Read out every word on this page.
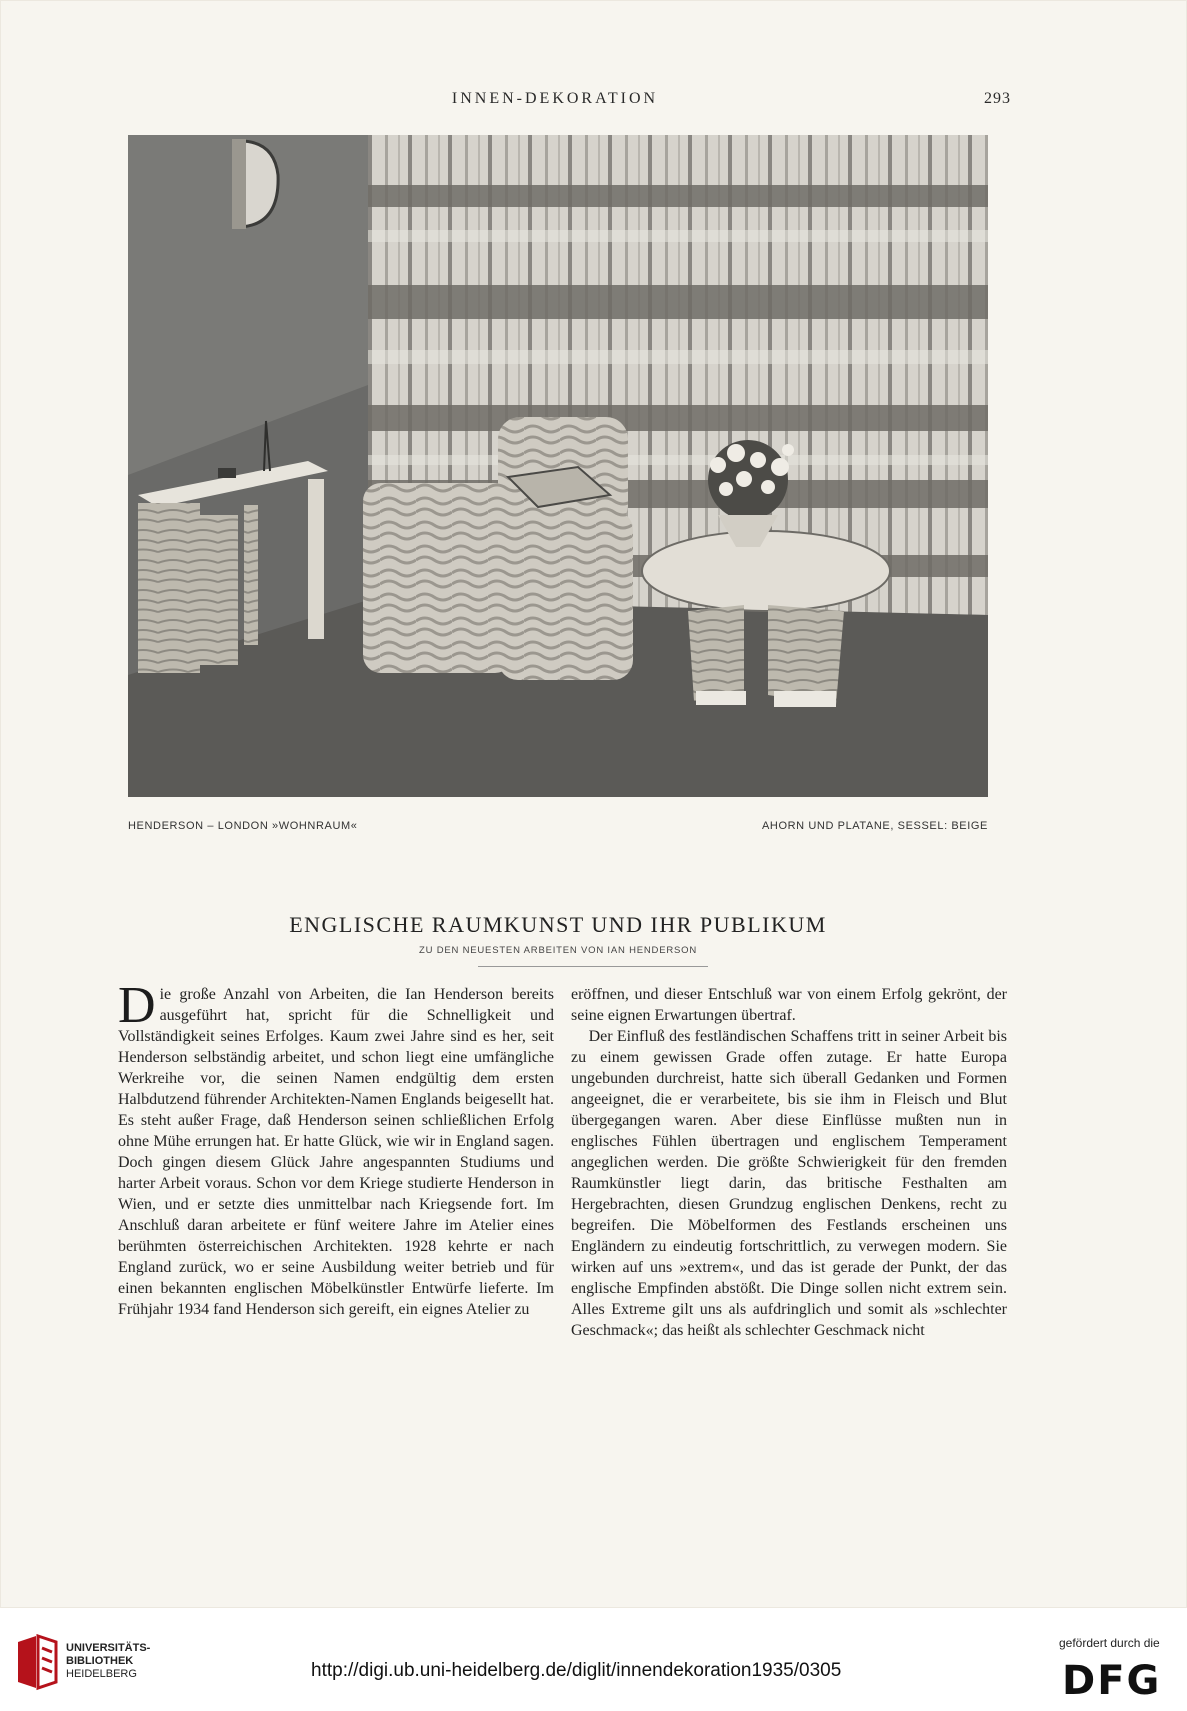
INNEN-DEKORATION	293
HENDERSON – LONDON »WOHNRAUM«	AHORN UND PLATANE, SESSEL: BEIGE
ENGLISCHE RAUMKUNST UND IHR PUBLIKUM
ZU DEN NEUESTEN ARBEITEN VON IAN HENDERSON

Die große Anzahl von Arbeiten, die Ian Henderson bereits ausgeführt hat, spricht für die Schnelligkeit und Vollständigkeit seines Erfolges. Kaum zwei Jahre sind es her, seit Henderson selbständig arbeitet, und schon liegt eine umfängliche Werkreihe vor, die seinen Namen endgültig dem ersten Halbdutzend führender Architekten-Namen Englands beigesellt hat. Es steht außer Frage, daß Henderson seinen schließlichen Erfolg ohne Mühe errungen hat. Er hatte Glück, wie wir in England sagen. Doch gingen diesem Glück Jahre angespannten Studiums und harter Arbeit voraus. Schon vor dem Kriege studierte Henderson in Wien, und er setzte dies unmittelbar nach Kriegsende fort. Im Anschluß daran arbeitete er fünf weitere Jahre im Atelier eines berühmten österreichischen Architekten. 1928 kehrte er nach England zurück, wo er seine Ausbildung weiter betrieb und für einen bekannten englischen Möbelkünstler Entwürfe lieferte. Im Frühjahr 1934 fand Henderson sich gereift, ein eignes Atelier zu

eröffnen, und dieser Entschluß war von einem Erfolg gekrönt, der seine eignen Erwartungen übertraf.

Der Einfluß des festländischen Schaffens tritt in seiner Arbeit bis zu einem gewissen Grade offen zutage. Er hatte Europa ungebunden durchreist, hatte sich überall Gedanken und Formen angeeignet, die er verarbeitete, bis sie ihm in Fleisch und Blut übergegangen waren. Aber diese Einflüsse mußten nun in englisches Fühlen übertragen und englischem Temperament angeglichen werden. Die größte Schwierigkeit für den fremden Raumkünstler liegt darin, das britische Festhalten am Hergebrachten, diesen Grundzug englischen Denkens, recht zu begreifen. Die Möbelformen des Festlands erscheinen uns Engländern zu eindeutig fortschrittlich, zu verwegen modern. Sie wirken auf uns »extrem«, und das ist gerade der Punkt, der das englische Empfinden abstößt. Die Dinge sollen nicht extrem sein. Alles Extreme gilt uns als aufdringlich und somit als »schlechter Geschmack«; das heißt als schlechter Geschmack nicht

UNIVERSITÄTS-
BIBLIOTHEK
HEIDELBERG	http://digi.ub.uni-heidelberg.de/diglit/innendekoration1935/0305
gefördert durch die
DFG
